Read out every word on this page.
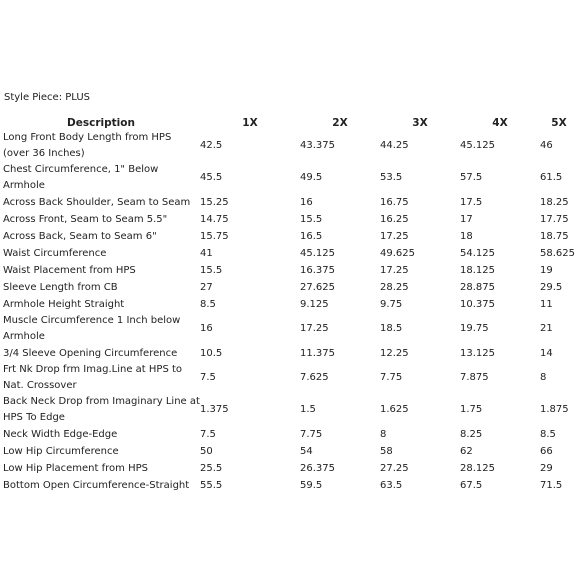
Style Piece: PLUS
Description	1X	2X	3X	4X	5X
Long Front Body Length from HPS (over 36 Inches)	42.5	43.375	44.25	45.125	46
Chest Circumference, 1" Below Armhole	45.5	49.5	53.5	57.5	61.5
Across Back Shoulder, Seam to Seam	15.25	16	16.75	17.5	18.25
Across Front, Seam to Seam 5.5"	14.75	15.5	16.25	17	17.75
Across Back, Seam to Seam 6"	15.75	16.5	17.25	18	18.75
Waist Circumference	41	45.125	49.625	54.125	58.625
Waist Placement from HPS	15.5	16.375	17.25	18.125	19
Sleeve Length from CB	27	27.625	28.25	28.875	29.5
Armhole Height Straight	8.5	9.125	9.75	10.375	11
Muscle Circumference 1 Inch below Armhole	16	17.25	18.5	19.75	21
3/4 Sleeve Opening Circumference	10.5	11.375	12.25	13.125	14
Frt Nk Drop frm Imag.Line at HPS to Nat. Crossover	7.5	7.625	7.75	7.875	8
Back Neck Drop from Imaginary Line at HPS To Edge	1.375	1.5	1.625	1.75	1.875
Neck Width Edge-Edge	7.5	7.75	8	8.25	8.5
Low Hip Circumference	50	54	58	62	66
Low Hip Placement from HPS	25.5	26.375	27.25	28.125	29
Bottom Open Circumference-Straight	55.5	59.5	63.5	67.5	71.5
